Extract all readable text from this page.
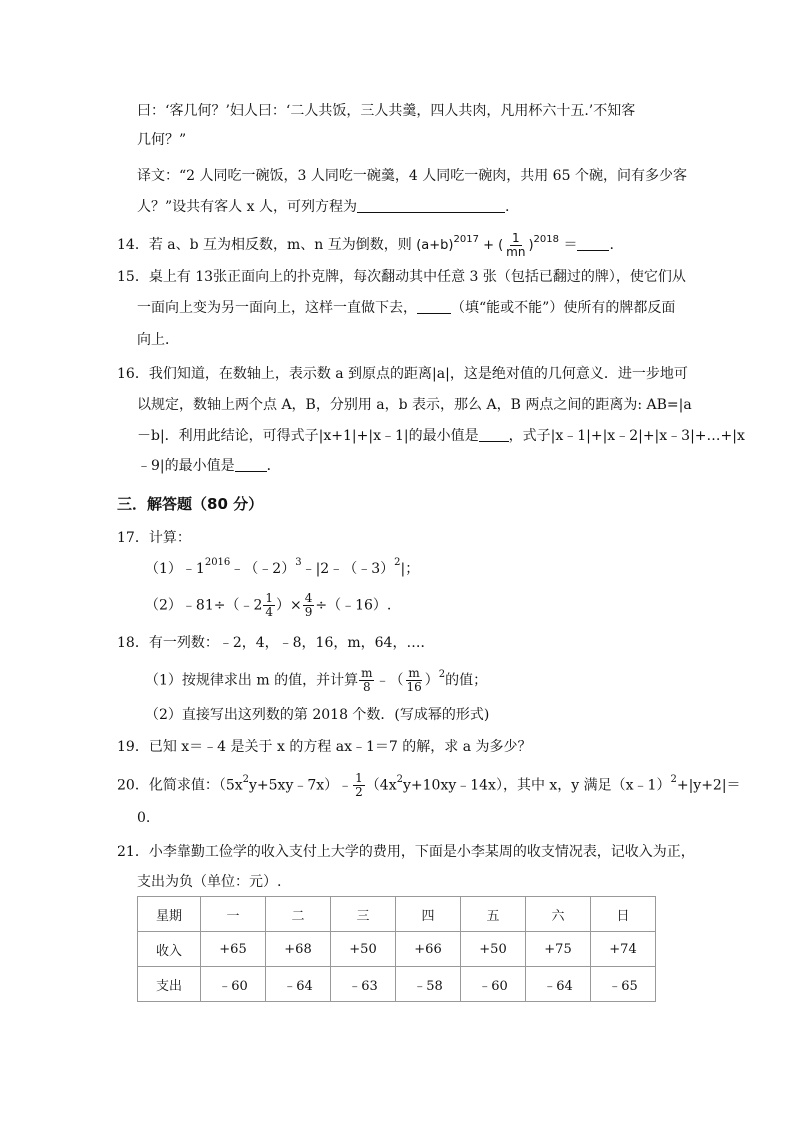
曰：‘客几何？’妇人曰：‘二人共饭，三人共羹，四人共肉，凡用杯六十五.’不知客
几何？”
译文：“2 人同吃一碗饭，3 人同吃一碗羹，4 人同吃一碗肉，共用 65 个碗，问有多少客
人？”设共有客人 x 人，可列方程为	.
14．若 a、b 互为相反数，m、n 互为倒数，则 $(a+b)^{2017}$ + ( $\frac{1}{mn} )^{2018}$ ＝ .
15．桌上有 13张正面向上的扑克牌，每次翻动其中任意 3 张（包括已翻过的牌），使它们从
一面向上变为另一面向上，这样一直做下去， （填“能或不能”）使所有的牌都反面
向上．
16．我们知道，在数轴上，表示数 a 到原点的距离|a|，这是绝对值的几何意义．进一步地可
以规定，数轴上两个点 A，B，分别用 a，b 表示，那么 A，B 两点之间的距离为: AB=|a
－b|．利用此结论，可得式子|x+1|+|x﹣1|的最小值是 ，式子|x﹣1|+|x﹣2|+|x﹣3|+…+|x
﹣9|的最小值是 ．
三．解答题（80 分）
17．计算：
$(1)﹣1^{2016}﹣(﹣2)^3﹣|2﹣(﹣3)^2|$；
（2）﹣81÷（﹣2 $\frac{1}{4}$ ）× $\frac{4}{9}$ ÷（﹣16）.
18．有一列数：﹣2，4，﹣8，16，m，64，…．
（1）按规律求出 m 的值，并计算 $\frac{m}{8}$ ﹣（ $\frac{m}{16} )^2$的值；
（2）直接写出这列数的第 2018 个数．(写成幂的形式)
19．已知 x＝﹣4 是关于 x 的方程 ax﹣1＝7 的解，求 a 为多少？
20．化简求值：$(5x^2y+5xy﹣7x)﹣ \frac{1}{2}$ $(4x^2y+10xy﹣14x)$，其中 x，y 满足（x﹣1）$^2$+|y+2|＝
0.
21．小李靠勤工俭学的收入支付上大学的费用，下面是小李某周的收支情况表，记收入为正，
支出为负（单位：元）.
星期	一	二	三	四	五	六	日
收入	+65	+68	+50	+66	+50	+75	+74
支出	﹣60	﹣64	﹣63	﹣58	﹣60	﹣64	﹣65
